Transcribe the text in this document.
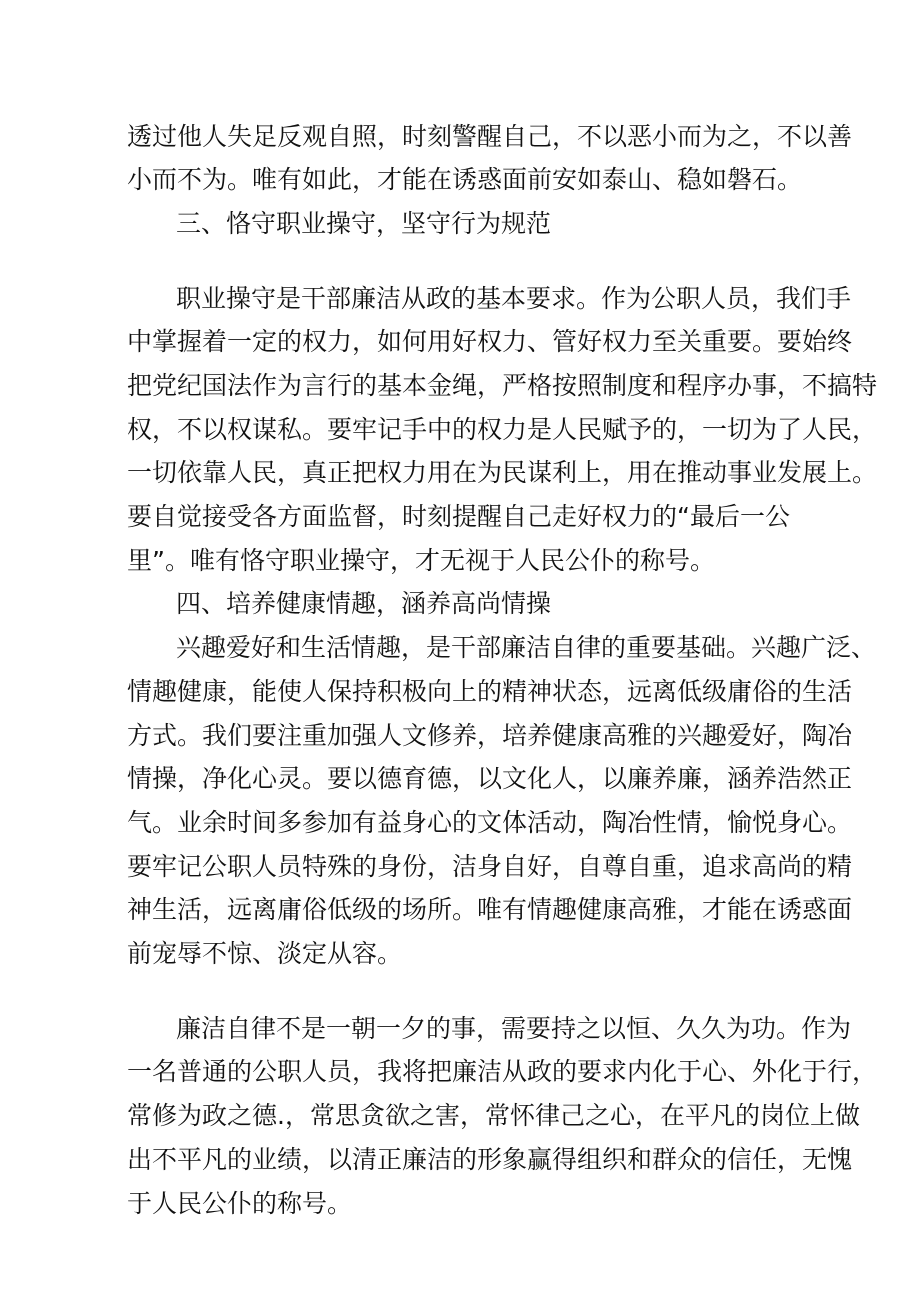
透过他人失足反观自照，时刻警醒自己，不以恶小而为之，不以善
小而不为。唯有如此，才能在诱惑面前安如泰山、稳如磐石。
三、恪守职业操守，坚守行为规范
职业操守是干部廉洁从政的基本要求。作为公职人员，我们手
中掌握着一定的权力，如何用好权力、管好权力至关重要。要始终
把党纪国法作为言行的基本金绳，严格按照制度和程序办事，不搞特
权，不以权谋私。要牢记手中的权力是人民赋予的，一切为了人民，
一切依靠人民，真正把权力用在为民谋利上，用在推动事业发展上。
要自觉接受各方面监督，时刻提醒自己走好权力的“最后一公
里”。唯有恪守职业操守，才无视于人民公仆的称号。
四、培养健康情趣，涵养高尚情操
兴趣爱好和生活情趣，是干部廉洁自律的重要基础。兴趣广泛、
情趣健康，能使人保持积极向上的精神状态，远离低级庸俗的生活
方式。我们要注重加强人文修养，培养健康高雅的兴趣爱好，陶冶
情操，净化心灵。要以德育德，以文化人，以廉养廉，涵养浩然正
气。业余时间多参加有益身心的文体活动，陶冶性情，愉悦身心。
要牢记公职人员特殊的身份，洁身自好，自尊自重，追求高尚的精
神生活，远离庸俗低级的场所。唯有情趣健康高雅，才能在诱惑面
前宠辱不惊、淡定从容。
廉洁自律不是一朝一夕的事，需要持之以恒、久久为功。作为
一名普通的公职人员，我将把廉洁从政的要求内化于心、外化于行，
常修为政之德.，常思贪欲之害，常怀律己之心，在平凡的岗位上做
出不平凡的业绩，以清正廉洁的形象赢得组织和群众的信任，无愧
于人民公仆的称号。
